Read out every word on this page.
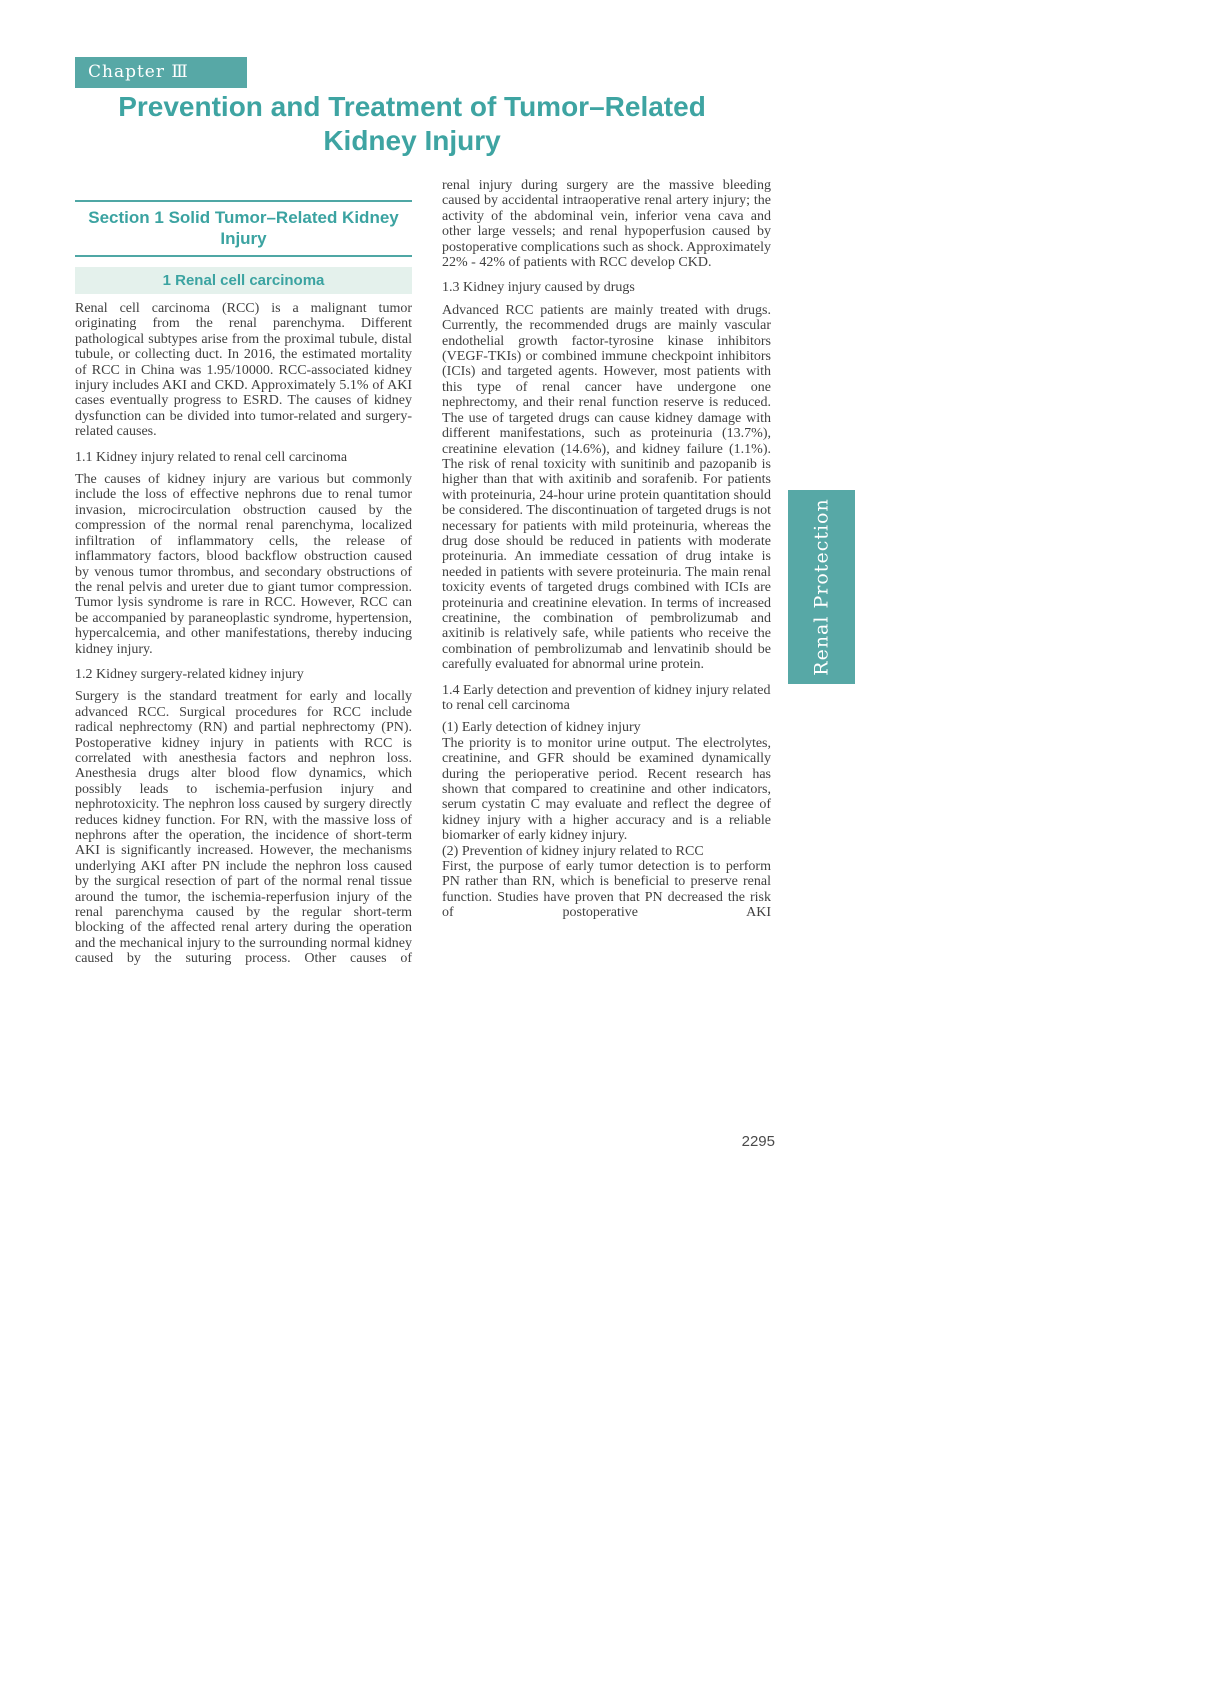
Chapter Ⅲ
Prevention and Treatment of Tumor–Related Kidney Injury
Section 1 Solid Tumor–Related Kidney Injury
1 Renal cell carcinoma

Renal cell carcinoma (RCC) is a malignant tumor originating from the renal parenchyma. Different pathological subtypes arise from the proximal tubule, distal tubule, or collecting duct. In 2016, the estimated mortality of RCC in China was 1.95/10000. RCC-associated kidney injury includes AKI and CKD. Approximately 5.1% of AKI cases eventually progress to ESRD. The causes of kidney dysfunction can be divided into tumor-related and surgery-related causes.

1.1 Kidney injury related to renal cell carcinoma

The causes of kidney injury are various but commonly include the loss of effective nephrons due to renal tumor invasion, microcirculation obstruction caused by the compression of the normal renal parenchyma, localized infiltration of inflammatory cells, the release of inflammatory factors, blood backflow obstruction caused by venous tumor thrombus, and secondary obstructions of the renal pelvis and ureter due to giant tumor compression. Tumor lysis syndrome is rare in RCC. However, RCC can be accompanied by paraneoplastic syndrome, hypertension, hypercalcemia, and other manifestations, thereby inducing kidney injury.

1.2 Kidney surgery-related kidney injury

Surgery is the standard treatment for early and locally advanced RCC. Surgical procedures for RCC include radical nephrectomy (RN) and partial nephrectomy (PN). Postoperative kidney injury in patients with RCC is correlated with anesthesia factors and nephron loss. Anesthesia drugs alter blood flow dynamics, which possibly leads to ischemia-perfusion injury and nephrotoxicity. The nephron loss caused by surgery directly reduces kidney function. For RN, with the massive loss of nephrons after the operation, the incidence of short-term AKI is significantly increased. However, the mechanisms underlying AKI after PN include the nephron loss caused by the surgical resection of part of the normal renal tissue around the tumor, the ischemia-reperfusion injury of the renal parenchyma caused by the regular short-term blocking of the affected renal artery during the operation and the mechanical injury to the surrounding normal kidney caused by the suturing process. Other causes of

renal injury during surgery are the massive bleeding caused by accidental intraoperative renal artery injury; the activity of the abdominal vein, inferior vena cava and other large vessels; and renal hypoperfusion caused by postoperative complications such as shock. Approximately 22% - 42% of patients with RCC develop CKD.

1.3 Kidney injury caused by drugs

Advanced RCC patients are mainly treated with drugs. Currently, the recommended drugs are mainly vascular endothelial growth factor-tyrosine kinase inhibitors (VEGF-TKIs) or combined immune checkpoint inhibitors (ICIs) and targeted agents. However, most patients with this type of renal cancer have undergone one nephrectomy, and their renal function reserve is reduced. The use of targeted drugs can cause kidney damage with different manifestations, such as proteinuria (13.7%), creatinine elevation (14.6%), and kidney failure (1.1%). The risk of renal toxicity with sunitinib and pazopanib is higher than that with axitinib and sorafenib. For patients with proteinuria, 24-hour urine protein quantitation should be considered. The discontinuation of targeted drugs is not necessary for patients with mild proteinuria, whereas the drug dose should be reduced in patients with moderate proteinuria. An immediate cessation of drug intake is needed in patients with severe proteinuria. The main renal toxicity events of targeted drugs combined with ICIs are proteinuria and creatinine elevation. In terms of increased creatinine, the combination of pembrolizumab and axitinib is relatively safe, while patients who receive the combination of pembrolizumab and lenvatinib should be carefully evaluated for abnormal urine protein.

1.4 Early detection and prevention of kidney injury related to renal cell carcinoma

(1) Early detection of kidney injury

The priority is to monitor urine output. The electrolytes, creatinine, and GFR should be examined dynamically during the perioperative period. Recent research has shown that compared to creatinine and other indicators, serum cystatin C may evaluate and reflect the degree of kidney injury with a higher accuracy and is a reliable biomarker of early kidney injury.

(2) Prevention of kidney injury related to RCC

First, the purpose of early tumor detection is to perform PN rather than RN, which is beneficial to preserve renal function. Studies have proven that PN decreased the risk of postoperative AKI

Renal Protection
2295
